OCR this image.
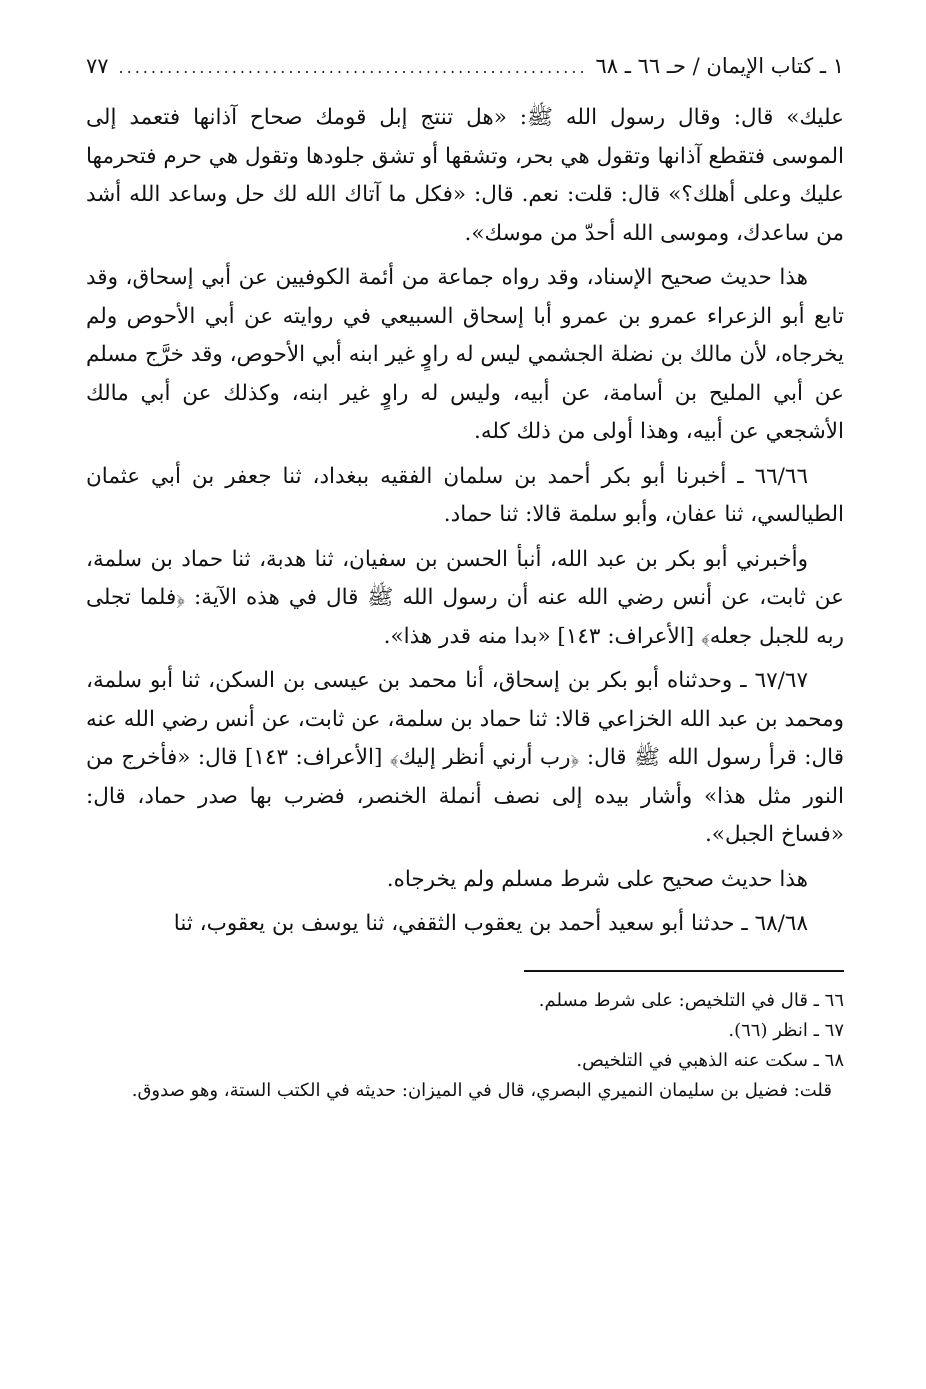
١ ـ كتاب الإيمان / حـ ٦٦ ـ ٦٨
.....
٧٧

عليك» قال: وقال رسول الله ﷺ: «هل تنتج إبل قومك صحاح آذانها فتعمد إلى الموسى فتقطع آذانها وتقول هي بحر، وتشقها أو تشق جلودها وتقول هي حرم فتحرمها عليك وعلى أهلك؟» قال: قلت: نعم. قال: «فكل ما آتاك الله لك حل وساعد الله أشد من ساعدك، وموسى الله أحدّ من موسك».

هذا حديث صحيح الإسناد، وقد رواه جماعة من أئمة الكوفيين عن أبي إسحاق، وقد تابع أبو الزعراء عمرو بن عمرو أبا إسحاق السبيعي في روايته عن أبي الأحوص ولم يخرجاه، لأن مالك بن نضلة الجشمي ليس له راوٍ غير ابنه أبي الأحوص، وقد خرَّج مسلم عن أبي المليح بن أسامة، عن أبيه، وليس له راوٍ غير ابنه، وكذلك عن أبي مالك الأشجعي عن أبيه، وهذا أولى من ذلك كله.

٦٦/٦٦ ـ أخبرنا أبو بكر أحمد بن سلمان الفقيه ببغداد، ثنا جعفر بن أبي عثمان الطيالسي، ثنا عفان، وأبو سلمة قالا: ثنا حماد.

وأخبرني أبو بكر بن عبد الله، أنبأ الحسن بن سفيان، ثنا هدبة، ثنا حماد بن سلمة، عن ثابت، عن أنس رضي الله عنه أن رسول الله ﷺ قال في هذه الآية: ﴿فلما تجلى ربه للجبل جعله﴾ [الأعراف: ١٤٣] «بدا منه قدر هذا».

٦٧/٦٧ ـ وحدثناه أبو بكر بن إسحاق، أنا محمد بن عيسى بن السكن، ثنا أبو سلمة، ومحمد بن عبد الله الخزاعي قالا: ثنا حماد بن سلمة، عن ثابت، عن أنس رضي الله عنه قال: قرأ رسول الله ﷺ قال: ﴿رب أرني أنظر إليك﴾ [الأعراف: ١٤٣] قال: «فأخرج من النور مثل هذا» وأشار بيده إلى نصف أنملة الخنصر، فضرب بها صدر حماد، قال: «فساخ الجبل».

هذا حديث صحيح على شرط مسلم ولم يخرجاه.

٦٨/٦٨ ـ حدثنا أبو سعيد أحمد بن يعقوب الثقفي، ثنا يوسف بن يعقوب، ثنا

٦٦ ـ قال في التلخيص: على شرط مسلم.

٦٧ ـ انظر (٦٦).

٦٨ ـ سكت عنه الذهبي في التلخيص.

قلت: فضيل بن سليمان النميري البصري، قال في الميزان: حديثه في الكتب الستة، وهو صدوق.
